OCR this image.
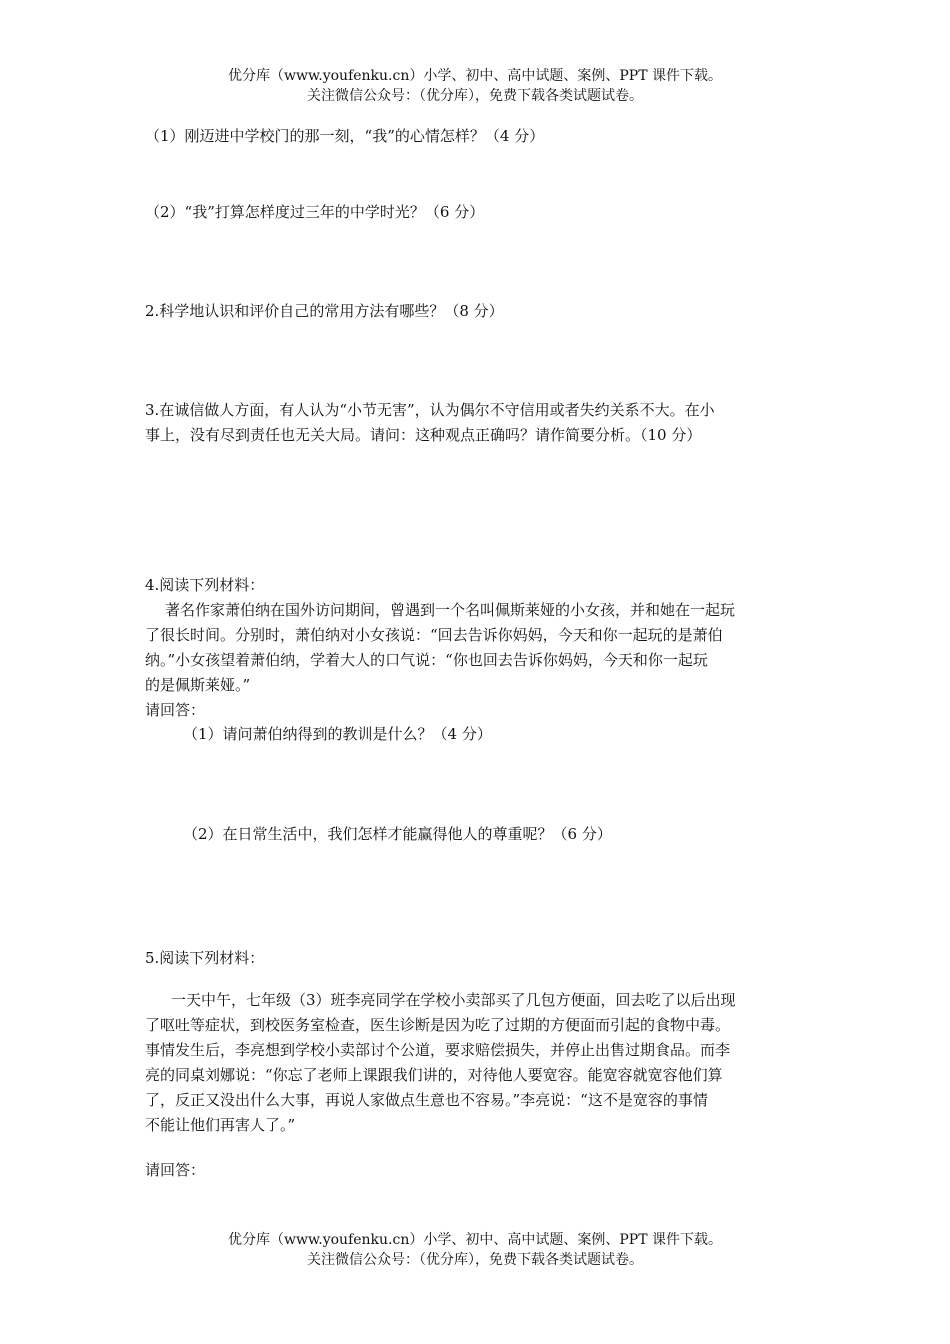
优分库（www.youfenku.cn）小学、初中、高中试题、案例、PPT 课件下载。
关注微信公众号：（优分库），免费下载各类试题试卷。
（1）刚迈进中学校门的那一刻，“我”的心情怎样？（4 分）
（2）“我”打算怎样度过三年的中学时光？（6 分）
2.科学地认识和评价自己的常用方法有哪些？（8 分）
3.在诚信做人方面，有人认为“小节无害”，认为偶尔不守信用或者失约关系不大。在小
事上，没有尽到责任也无关大局。请问：这种观点正确吗？请作简要分析。（10 分）
4.阅读下列材料：
著名作家萧伯纳在国外访问期间，曾遇到一个名叫佩斯莱娅的小女孩，并和她在一起玩
了很长时间。分别时，萧伯纳对小女孩说：“回去告诉你妈妈，今天和你一起玩的是萧伯
纳。”小女孩望着萧伯纳，学着大人的口气说：“你也回去告诉你妈妈，今天和你一起玩
的是佩斯莱娅。”
请回答：
（1）请问萧伯纳得到的教训是什么？（4 分）
（2）在日常生活中，我们怎样才能赢得他人的尊重呢？（6 分）
5.阅读下列材料：
一天中午，七年级（3）班李亮同学在学校小卖部买了几包方便面，回去吃了以后出现
了呕吐等症状，到校医务室检查，医生诊断是因为吃了过期的方便面而引起的食物中毒。
事情发生后，李亮想到学校小卖部讨个公道，要求赔偿损失，并停止出售过期食品。而李
亮的同桌刘娜说：“你忘了老师上课跟我们讲的，对待他人要宽容。能宽容就宽容他们算
了，反正又没出什么大事，再说人家做点生意也不容易。”李亮说：“这不是宽容的事情
不能让他们再害人了。”
请回答：
优分库（www.youfenku.cn）小学、初中、高中试题、案例、PPT 课件下载。
关注微信公众号：（优分库），免费下载各类试题试卷。
